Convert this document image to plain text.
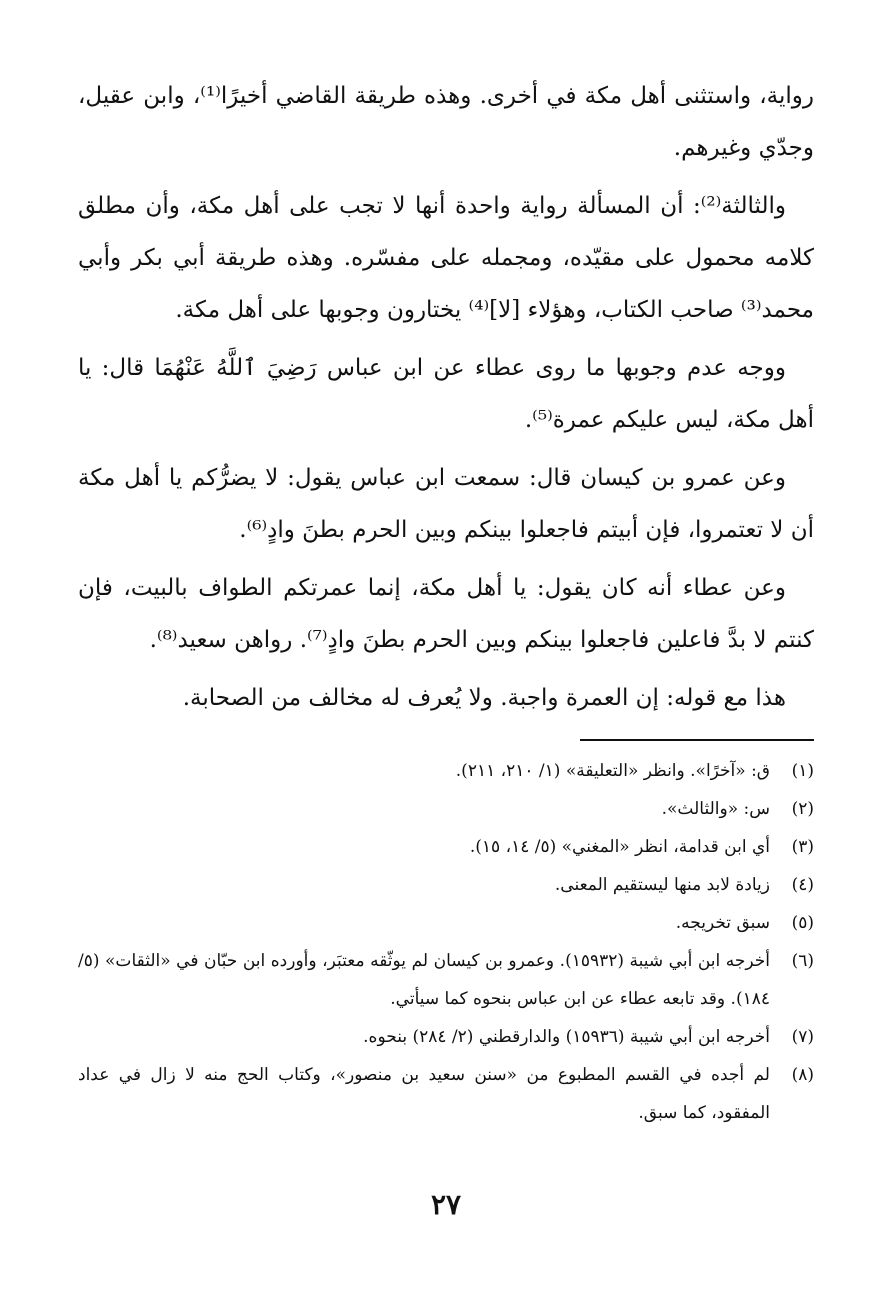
رواية، واستثنى أهل مكة في أخرى. وهذه طريقة القاضي أخيرًا⁽¹⁾، وابن عقيل، وجدّي وغيرهم.

والثالثة⁽²⁾: أن المسألة رواية واحدة أنها لا تجب على أهل مكة، وأن مطلق كلامه محمول على مقيّده، ومجمله على مفسّره. وهذه طريقة أبي بكر وأبي محمد⁽³⁾ صاحب الكتاب، وهؤلاء [لا]⁽⁴⁾ يختارون وجوبها على أهل مكة.

ووجه عدم وجوبها ما روى عطاء عن ابن عباس رَضِيَ ٱللَّهُ عَنْهُمَا قال: يا أهل مكة، ليس عليكم عمرة⁽⁵⁾.

وعن عمرو بن كيسان قال: سمعت ابن عباس يقول: لا يضرُّكم يا أهل مكة أن لا تعتمروا، فإن أبيتم فاجعلوا بينكم وبين الحرم بطنَ وادٍ⁽⁶⁾.

وعن عطاء أنه كان يقول: يا أهل مكة، إنما عمرتكم الطواف بالبيت، فإن كنتم لا بدَّ فاعلين فاجعلوا بينكم وبين الحرم بطنَ وادٍ⁽⁷⁾. رواهن سعيد⁽⁸⁾.

هذا مع قوله: إن العمرة واجبة. ولا يُعرف له مخالف من الصحابة.

(١)
ق: «آخرًا». وانظر «التعليقة» (١/ ٢١٠، ٢١١).
(٢)
س: «والثالث».
(٣)
أي ابن قدامة، انظر «المغني» (٥/ ١٤، ١٥).
(٤)
زيادة لابد منها ليستقيم المعنى.
(٥)
سبق تخريجه.
(٦)
أخرجه ابن أبي شيبة (١٥٩٣٢). وعمرو بن كيسان لم يوثّقه معتبَر، وأورده ابن حبّان في «الثقات» (٥/ ١٨٤). وقد تابعه عطاء عن ابن عباس بنحوه كما سيأتي.
(٧)
أخرجه ابن أبي شيبة (١٥٩٣٦) والدارقطني (٢/ ٢٨٤) بنحوه.
(٨)
لم أجده في القسم المطبوع من «سنن سعيد بن منصور»، وكتاب الحج منه لا زال في عداد المفقود، كما سبق.
٢٧
